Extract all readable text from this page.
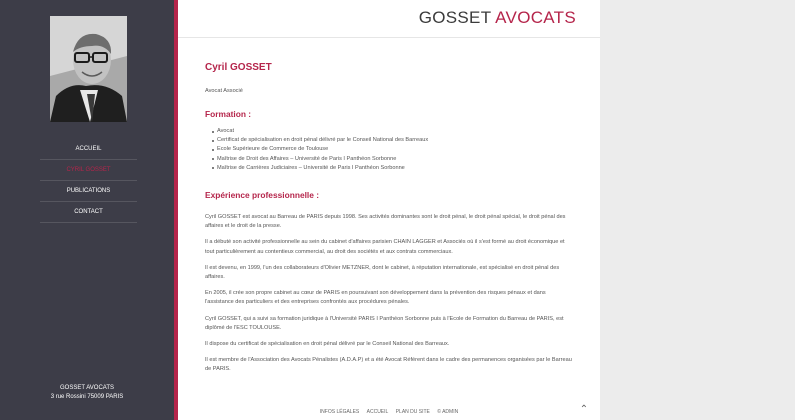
ACCUEIL
CYRIL GOSSET
PUBLICATIONS
CONTACT
GOSSET AVOCATS
3 rue Rossini 75009 PARIS
GOSSET AVOCATS
Cyril GOSSET

Avocat Associé

Formation :
Avocat
Certificat de spécialisation en droit pénal délivré par le Conseil National des Barreaux
Ecole Supérieure de Commerce de Toulouse
Maîtrise de Droit des Affaires – Université de Paris I Panthéon Sorbonne
Maîtrise de Carrières Judiciaires – Université de Paris I Panthéon Sorbonne
Expérience professionnelle :

Cyril GOSSET est avocat au Barreau de PARIS depuis 1998. Ses activités dominantes sont le droit pénal, le droit pénal spécial, le droit pénal des affaires et le droit de la presse.

Il a débuté son activité professionnelle au sein du cabinet d'affaires parisien CHAIN LAGGER et Associés où il s'est formé au droit économique et tout particulièrement au contentieux commercial, au droit des sociétés et aux contrats commerciaux.

Il est devenu, en 1999, l'un des collaborateurs d'Olivier METZNER, dont le cabinet, à réputation internationale, est spécialisé en droit pénal des affaires.

En 2005, il crée son propre cabinet au cœur de PARIS en poursuivant son développement dans la prévention des risques pénaux et dans l'assistance des particuliers et des entreprises confrontés aux procédures pénales.

Cyril GOSSET, qui a suivi sa formation juridique à l'Université PARIS I Panthéon Sorbonne puis à l'Ecole de Formation du Barreau de PARIS, est diplômé de l'ESC TOULOUSE.

Il dispose du certificat de spécialisation en droit pénal délivré par le Conseil National des Barreaux.

Il est membre de l'Association des Avocats Pénalistes (A.D.A.P) et a été Avocat Référent dans le cadre des permanences organisées par le Barreau de PARIS.

INFOS LÉGALES ACCUEIL PLAN DU SITE © ADMIN	⌃
